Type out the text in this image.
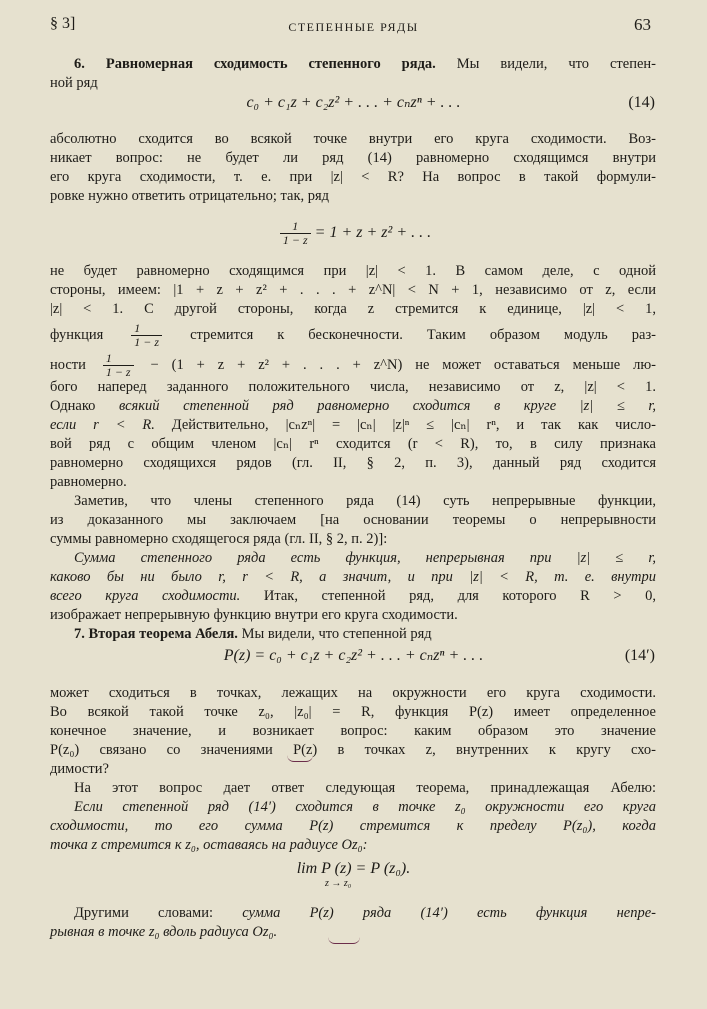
§ 3]	СТЕПЕННЫЕ РЯДЫ	63
6. Равномерная сходимость степенного ряда. Мы видели, что степен-
ной ряд
c₀ + c₁z + c₂z² + . . . + cₙzⁿ + . . .	(14)
абсолютно сходится во всякой точке внутри его круга сходимости. Воз-
никает вопрос: не будет ли ряд (14) равномерно сходящимся внутри
его круга сходимости, т. е. при |z| < R? На вопрос в такой формули-
ровке нужно ответить отрицательно; так, ряд
$\frac{1}{1 - z} = 1 + z + z^2$ + . . .
не будет равномерно сходящимся при |z| < 1. В самом деле, с одной
стороны, имеем: |1 + z + z² + . . . + z^N| < N + 1, независимо от z, если
|z| < 1. С другой стороны, когда z стремится к единице, |z| < 1,
функция $\frac{1}{1 - z}$ стремится к бесконечности. Таким образом модуль раз-
ности $\frac{1}{1 - z} - (1 + z + z^2$ + . . . + z^N) не может оставаться меньше лю-
бого наперед заданного положительного числа, независимо от z, |z| < 1.
Однако всякий степенной ряд равномерно сходится в круге |z| ≤ r,
если r < R. Действительно, |cₙzⁿ| = |cₙ| |z|ⁿ ≤ |cₙ| rⁿ, и так как число-
вой ряд с общим членом |cₙ| rⁿ сходится (r < R), то, в силу признака
равномерно сходящихся рядов (гл. II, § 2, п. 3), данный ряд сходится
равномерно.
Заметив, что члены степенного ряда (14) суть непрерывные функции,
из доказанного мы заключаем [на основании теоремы о непрерывности
суммы равномерно сходящегося ряда (гл. II, § 2, п. 2)]:
Сумма степенного ряда есть функция, непрерывная при |z| ≤ r,
каково бы ни было r, r < R, а значит, и при |z| < R, т. е. внутри
всего круга сходимости. Итак, степенной ряд, для которого R > 0,
изображает непрерывную функцию внутри его круга сходимости.
7. Вторая теорема Абеля. Мы видели, что степенной ряд
P(z) = c₀ + c₁z + c₂z² + . . . + cₙzⁿ + . . .	(14′)
может сходиться в точках, лежащих на окружности его круга сходимости.
Во всякой такой точке z₀, |z₀| = R, функция P(z) имеет определенное
конечное значение, и возникает вопрос: каким образом это значение
P(z₀) связано со значениями P(z) в точках z, внутренних к кругу схо-
димости?
На этот вопрос дает ответ следующая теорема, принадлежащая Абелю:
Если степенной ряд (14′) сходится в точке z₀ окружности его круга
сходимости, то его сумма P(z) стремится к пределу P(z₀), когда
точка z стремится к z₀, оставаясь на радиусе Oz₀:
lim P (z) = P (z₀).
z → z₀
Другими словами: сумма P(z) ряда (14′) есть функция непре-
рывная в точке z₀ вдоль радиуса Oz₀.
